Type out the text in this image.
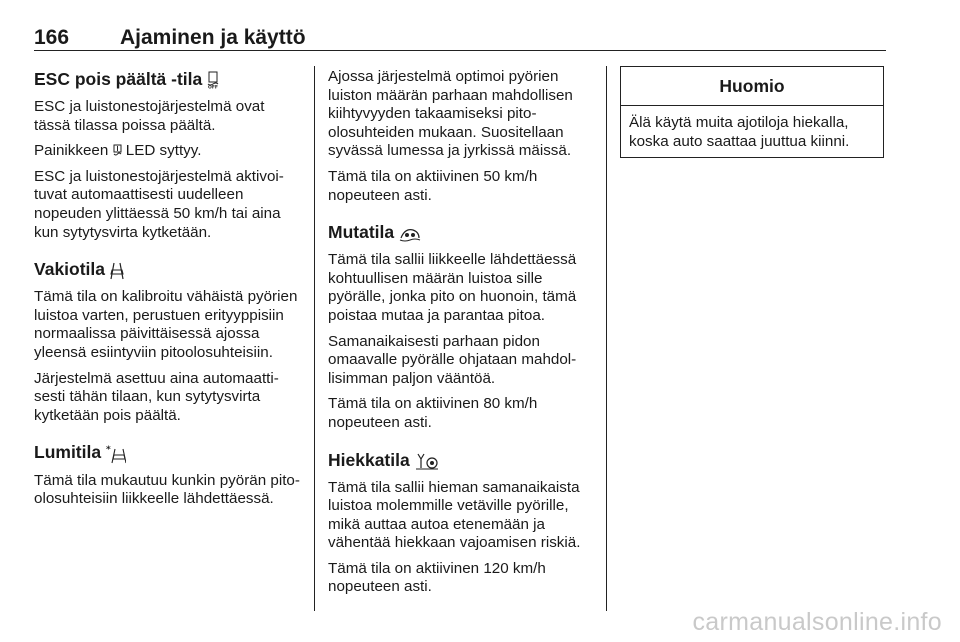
166 Ajaminen ja käyttö
ESC pois päältä -tila OFF

ESC ja luistonestojärjestelmä ovat tässä tilassa poissa päältä.

Painikkeen LED syttyy.

ESC ja luistonestojärjestelmä aktivoituvat automaattisesti uudelleen nopeuden ylittäessä 50 km/h tai aina kun sytytysvirta kytketään.

Vakiotila

Tämä tila on kalibroitu vähäistä pyörien luistoa varten, perustuen erityyppisiin normaalissa päivittäisessä ajossa yleensä esiintyviin pitoolosuhteisiin.

Järjestelmä asettuu aina automaattisesti tähän tilaan, kun sytytysvirta kytketään pois päältä.

Lumitila *

Tämä tila mukautuu kunkin pyörän pito-olosuhteisiin liikkeelle lähdettäessä.

Ajossa järjestelmä optimoi pyörien luiston määrän parhaan mahdollisen kiihtyvyyden takaamiseksi pitoolosuhteiden mukaan. Suositellaan syvässä lumessa ja jyrkissä mäissä.

Tämä tila on aktiivinen 50 km/h nopeuteen asti.

Mutatila

Tämä tila sallii liikkeelle lähdettäessä kohtuullisen määrän luistoa sille pyörälle, jonka pito on huonoin, tämä poistaa mutaa ja parantaa pitoa.

Samanaikaisesti parhaan pidon omaavalle pyörälle ohjataan mahdollisimman paljon vääntöä.

Tämä tila on aktiivinen 80 km/h nopeuteen asti.

Hiekkatila

Tämä tila sallii hieman samanaikaista luistoa molemmille vetäville pyörille, mikä auttaa autoa etenemään ja vähentää hiekkaan vajoamisen riskiä.

Tämä tila on aktiivinen 120 km/h nopeuteen asti.

Huomio
Älä käytä muita ajotiloja hiekalla, koska auto saattaa juuttua kiinni.
carmanualsonline.info
